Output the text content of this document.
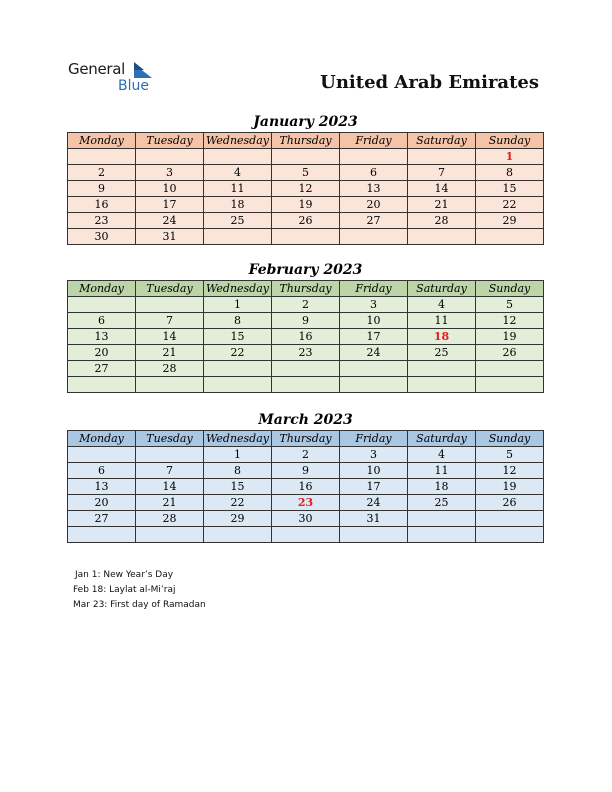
General
Blue	United Arab Emirates
January 2023
Monday	Tuesday	Wednesday	Thursday	Friday	Saturday	Sunday
						1
2	3	4	5	6	7	8
9	10	11	12	13	14	15
16	17	18	19	20	21	22
23	24	25	26	27	28	29
30	31					
February 2023
Monday	Tuesday	Wednesday	Thursday	Friday	Saturday	Sunday
		1	2	3	4	5
6	7	8	9	10	11	12
13	14	15	16	17	18	19
20	21	22	23	24	25	26
27	28					

March 2023
Monday	Tuesday	Wednesday	Thursday	Friday	Saturday	Sunday
		1	2	3	4	5
6	7	8	9	10	11	12
13	14	15	16	17	18	19
20	21	22	23	24	25	26
27	28	29	30	31		

Jan 1: New Year’s Day
Feb 18: Laylat al-Mi’raj
Mar 23: First day of Ramadan
